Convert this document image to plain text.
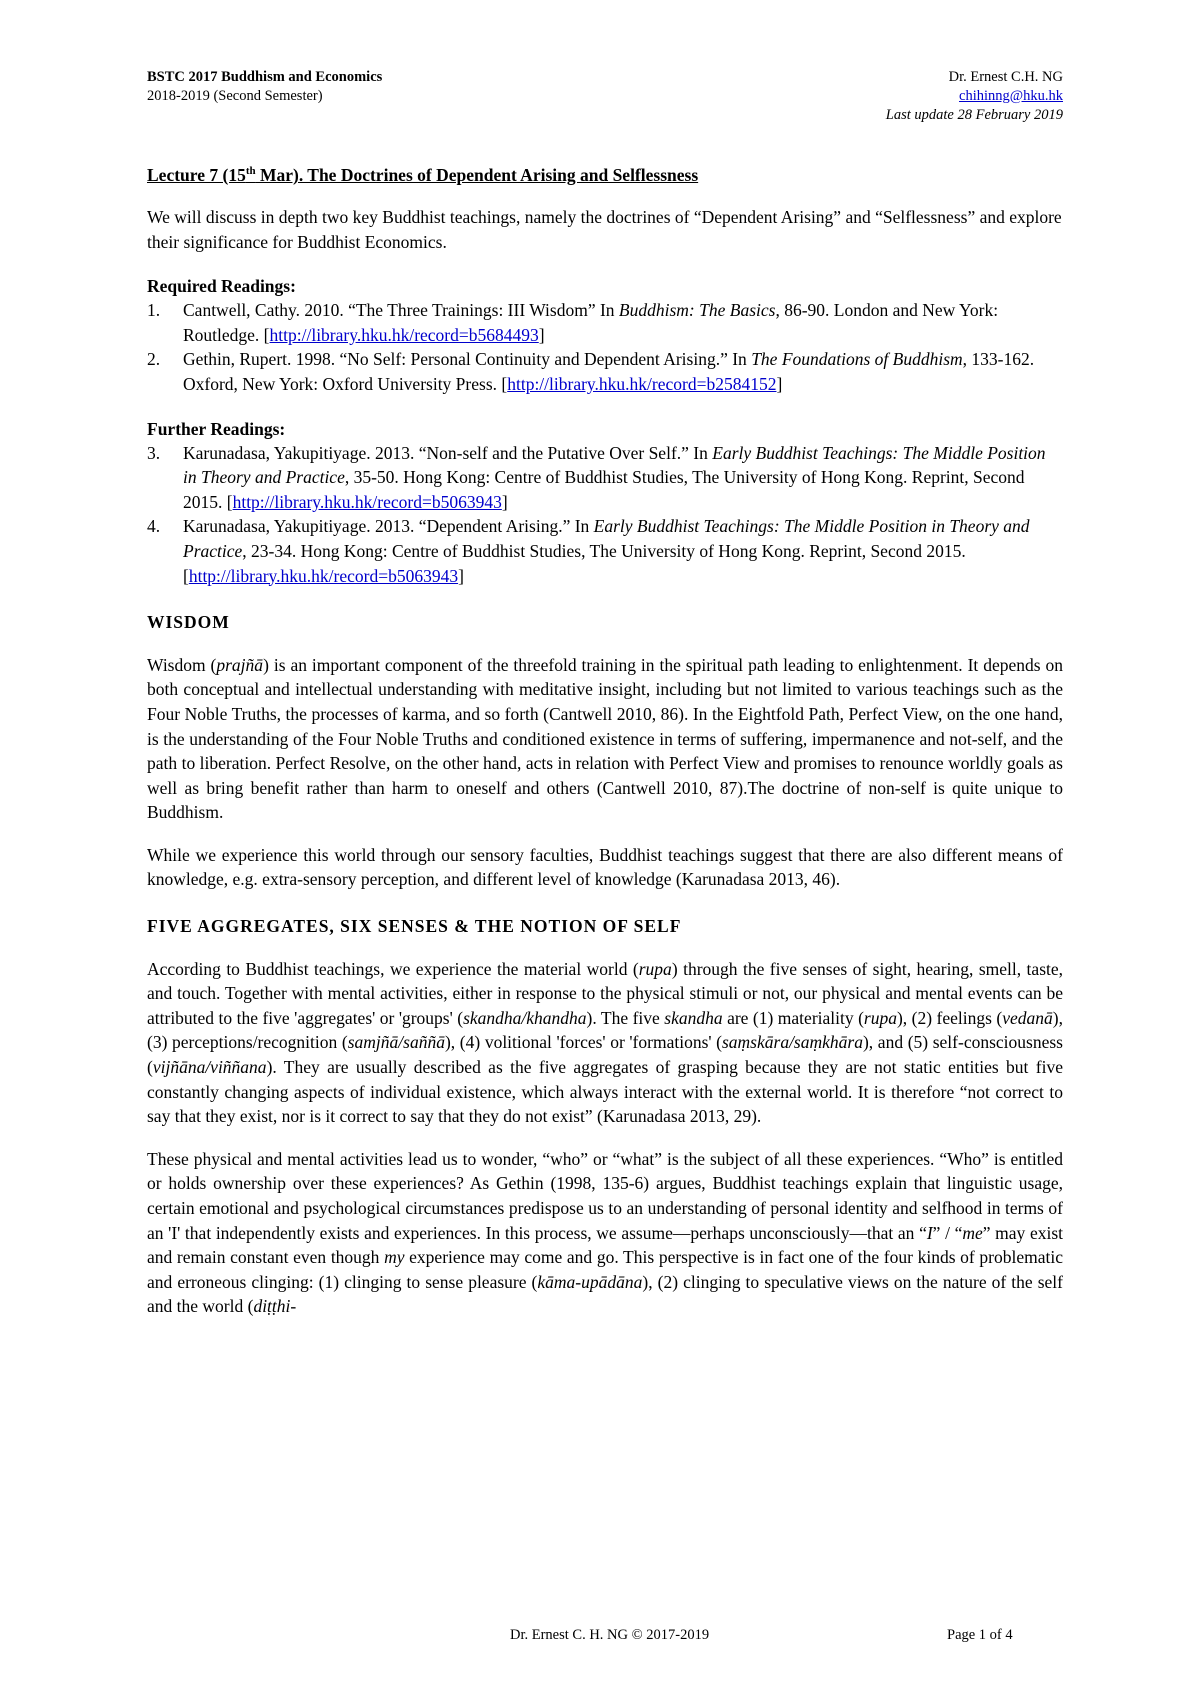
BSTC 2017 Buddhism and Economics
2018-2019 (Second Semester)
Dr. Ernest C.H. NG
chihinng@hku.hk
Last update 28 February 2019
Lecture 7 (15th Mar). The Doctrines of Dependent Arising and Selflessness

We will discuss in depth two key Buddhist teachings, namely the doctrines of “Dependent Arising” and “Selflessness” and explore their significance for Buddhist Economics.

Required Readings:
1. Cantwell, Cathy. 2010. “The Three Trainings: III Wisdom” In Buddhism: The Basics, 86-90. London and New York: Routledge. [http://library.hku.hk/record=b5684493]
2. Gethin, Rupert. 1998. “No Self: Personal Continuity and Dependent Arising.” In The Foundations of Buddhism, 133-162. Oxford, New York: Oxford University Press. [http://library.hku.hk/record=b2584152]
Further Readings:
3. Karunadasa, Yakupitiyage. 2013. “Non-self and the Putative Over Self.” In Early Buddhist Teachings: The Middle Position in Theory and Practice, 35-50. Hong Kong: Centre of Buddhist Studies, The University of Hong Kong. Reprint, Second 2015. [http://library.hku.hk/record=b5063943]
4. Karunadasa, Yakupitiyage. 2013. “Dependent Arising.” In Early Buddhist Teachings: The Middle Position in Theory and Practice, 23-34. Hong Kong: Centre of Buddhist Studies, The University of Hong Kong. Reprint, Second 2015. [http://library.hku.hk/record=b5063943]
WISDOM

Wisdom (prajñā) is an important component of the threefold training in the spiritual path leading to enlightenment. It depends on both conceptual and intellectual understanding with meditative insight, including but not limited to various teachings such as the Four Noble Truths, the processes of karma, and so forth (Cantwell 2010, 86). In the Eightfold Path, Perfect View, on the one hand, is the understanding of the Four Noble Truths and conditioned existence in terms of suffering, impermanence and not-self, and the path to liberation. Perfect Resolve, on the other hand, acts in relation with Perfect View and promises to renounce worldly goals as well as bring benefit rather than harm to oneself and others (Cantwell 2010, 87).The doctrine of non-self is quite unique to Buddhism.

While we experience this world through our sensory faculties, Buddhist teachings suggest that there are also different means of knowledge, e.g. extra-sensory perception, and different level of knowledge (Karunadasa 2013, 46).

FIVE AGGREGATES, SIX SENSES & THE NOTION OF SELF

According to Buddhist teachings, we experience the material world (rupa) through the five senses of sight, hearing, smell, taste, and touch. Together with mental activities, either in response to the physical stimuli or not, our physical and mental events can be attributed to the five 'aggregates' or 'groups' (skandha/khandha). The five skandha are (1) materiality (rupa), (2) feelings (vedanā), (3) perceptions/recognition (samjñā/saññā), (4) volitional 'forces' or 'formations' (saṃskāra/saṃkhāra), and (5) self-consciousness (vijñāna/viññana). They are usually described as the five aggregates of grasping because they are not static entities but five constantly changing aspects of individual existence, which always interact with the external world. It is therefore “not correct to say that they exist, nor is it correct to say that they do not exist” (Karunadasa 2013, 29).

These physical and mental activities lead us to wonder, “who” or “what” is the subject of all these experiences. “Who” is entitled or holds ownership over these experiences? As Gethin (1998, 135-6) argues, Buddhist teachings explain that linguistic usage, certain emotional and psychological circumstances predispose us to an understanding of personal identity and selfhood in terms of an 'I' that independently exists and experiences. In this process, we assume—perhaps unconsciously—that an “I” / “me” may exist and remain constant even though my experience may come and go. This perspective is in fact one of the four kinds of problematic and erroneous clinging: (1) clinging to sense pleasure (kāma-upādāna), (2) clinging to speculative views on the nature of the self and the world (diṭṭhi-

Dr. Ernest C. H. NG © 2017-2019	Page 1 of 4
